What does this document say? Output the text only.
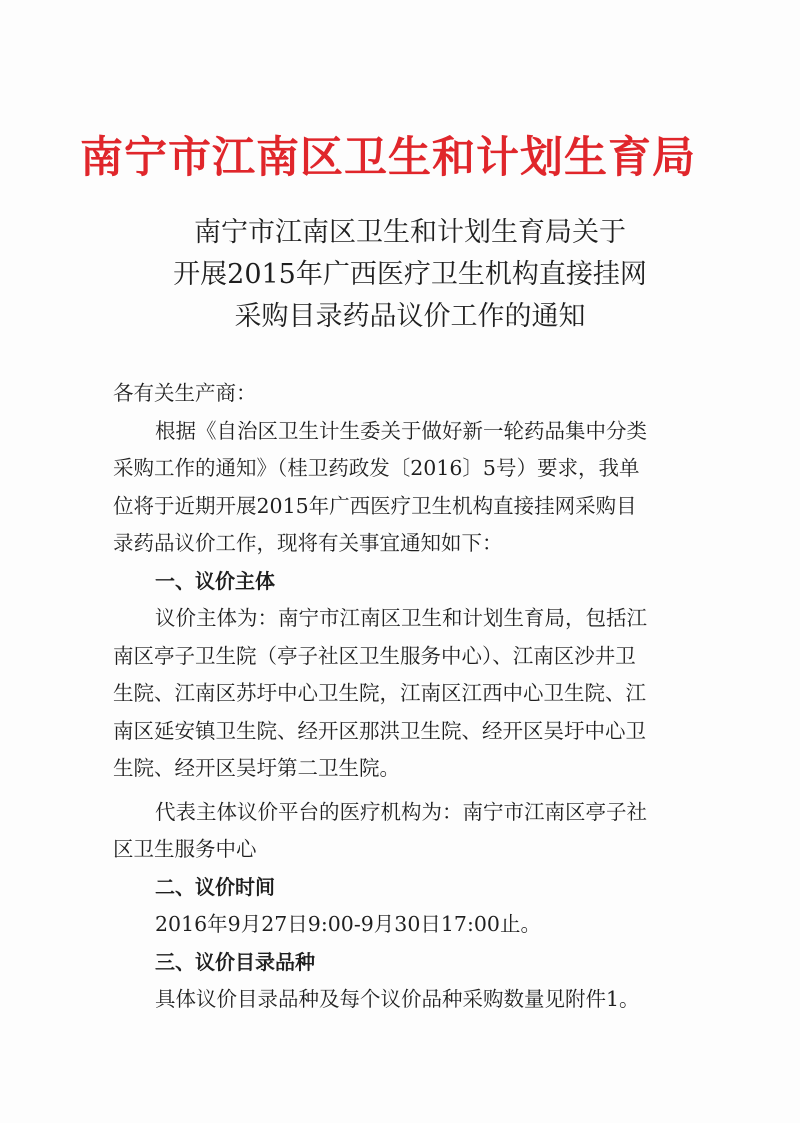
南宁市江南区卫生和计划生育局
南宁市江南区卫生和计划生育局关于
开展2015年广西医疗卫生机构直接挂网
采购目录药品议价工作的通知
各有关生产商：
根据《自治区卫生计生委关于做好新一轮药品集中分类
采购工作的通知》（桂卫药政发〔2016〕5号）要求，我单
位将于近期开展2015年广西医疗卫生机构直接挂网采购目
录药品议价工作，现将有关事宜通知如下：
一、议价主体
议价主体为：南宁市江南区卫生和计划生育局，包括江
南区亭子卫生院（亭子社区卫生服务中心）、江南区沙井卫
生院、江南区苏圩中心卫生院，江南区江西中心卫生院、江
南区延安镇卫生院、经开区那洪卫生院、经开区吴圩中心卫
生院、经开区吴圩第二卫生院。
代表主体议价平台的医疗机构为：南宁市江南区亭子社
区卫生服务中心
二、议价时间
2016年9月27日9:00-9月30日17:00止。
三、议价目录品种
具体议价目录品种及每个议价品种采购数量见附件1。
